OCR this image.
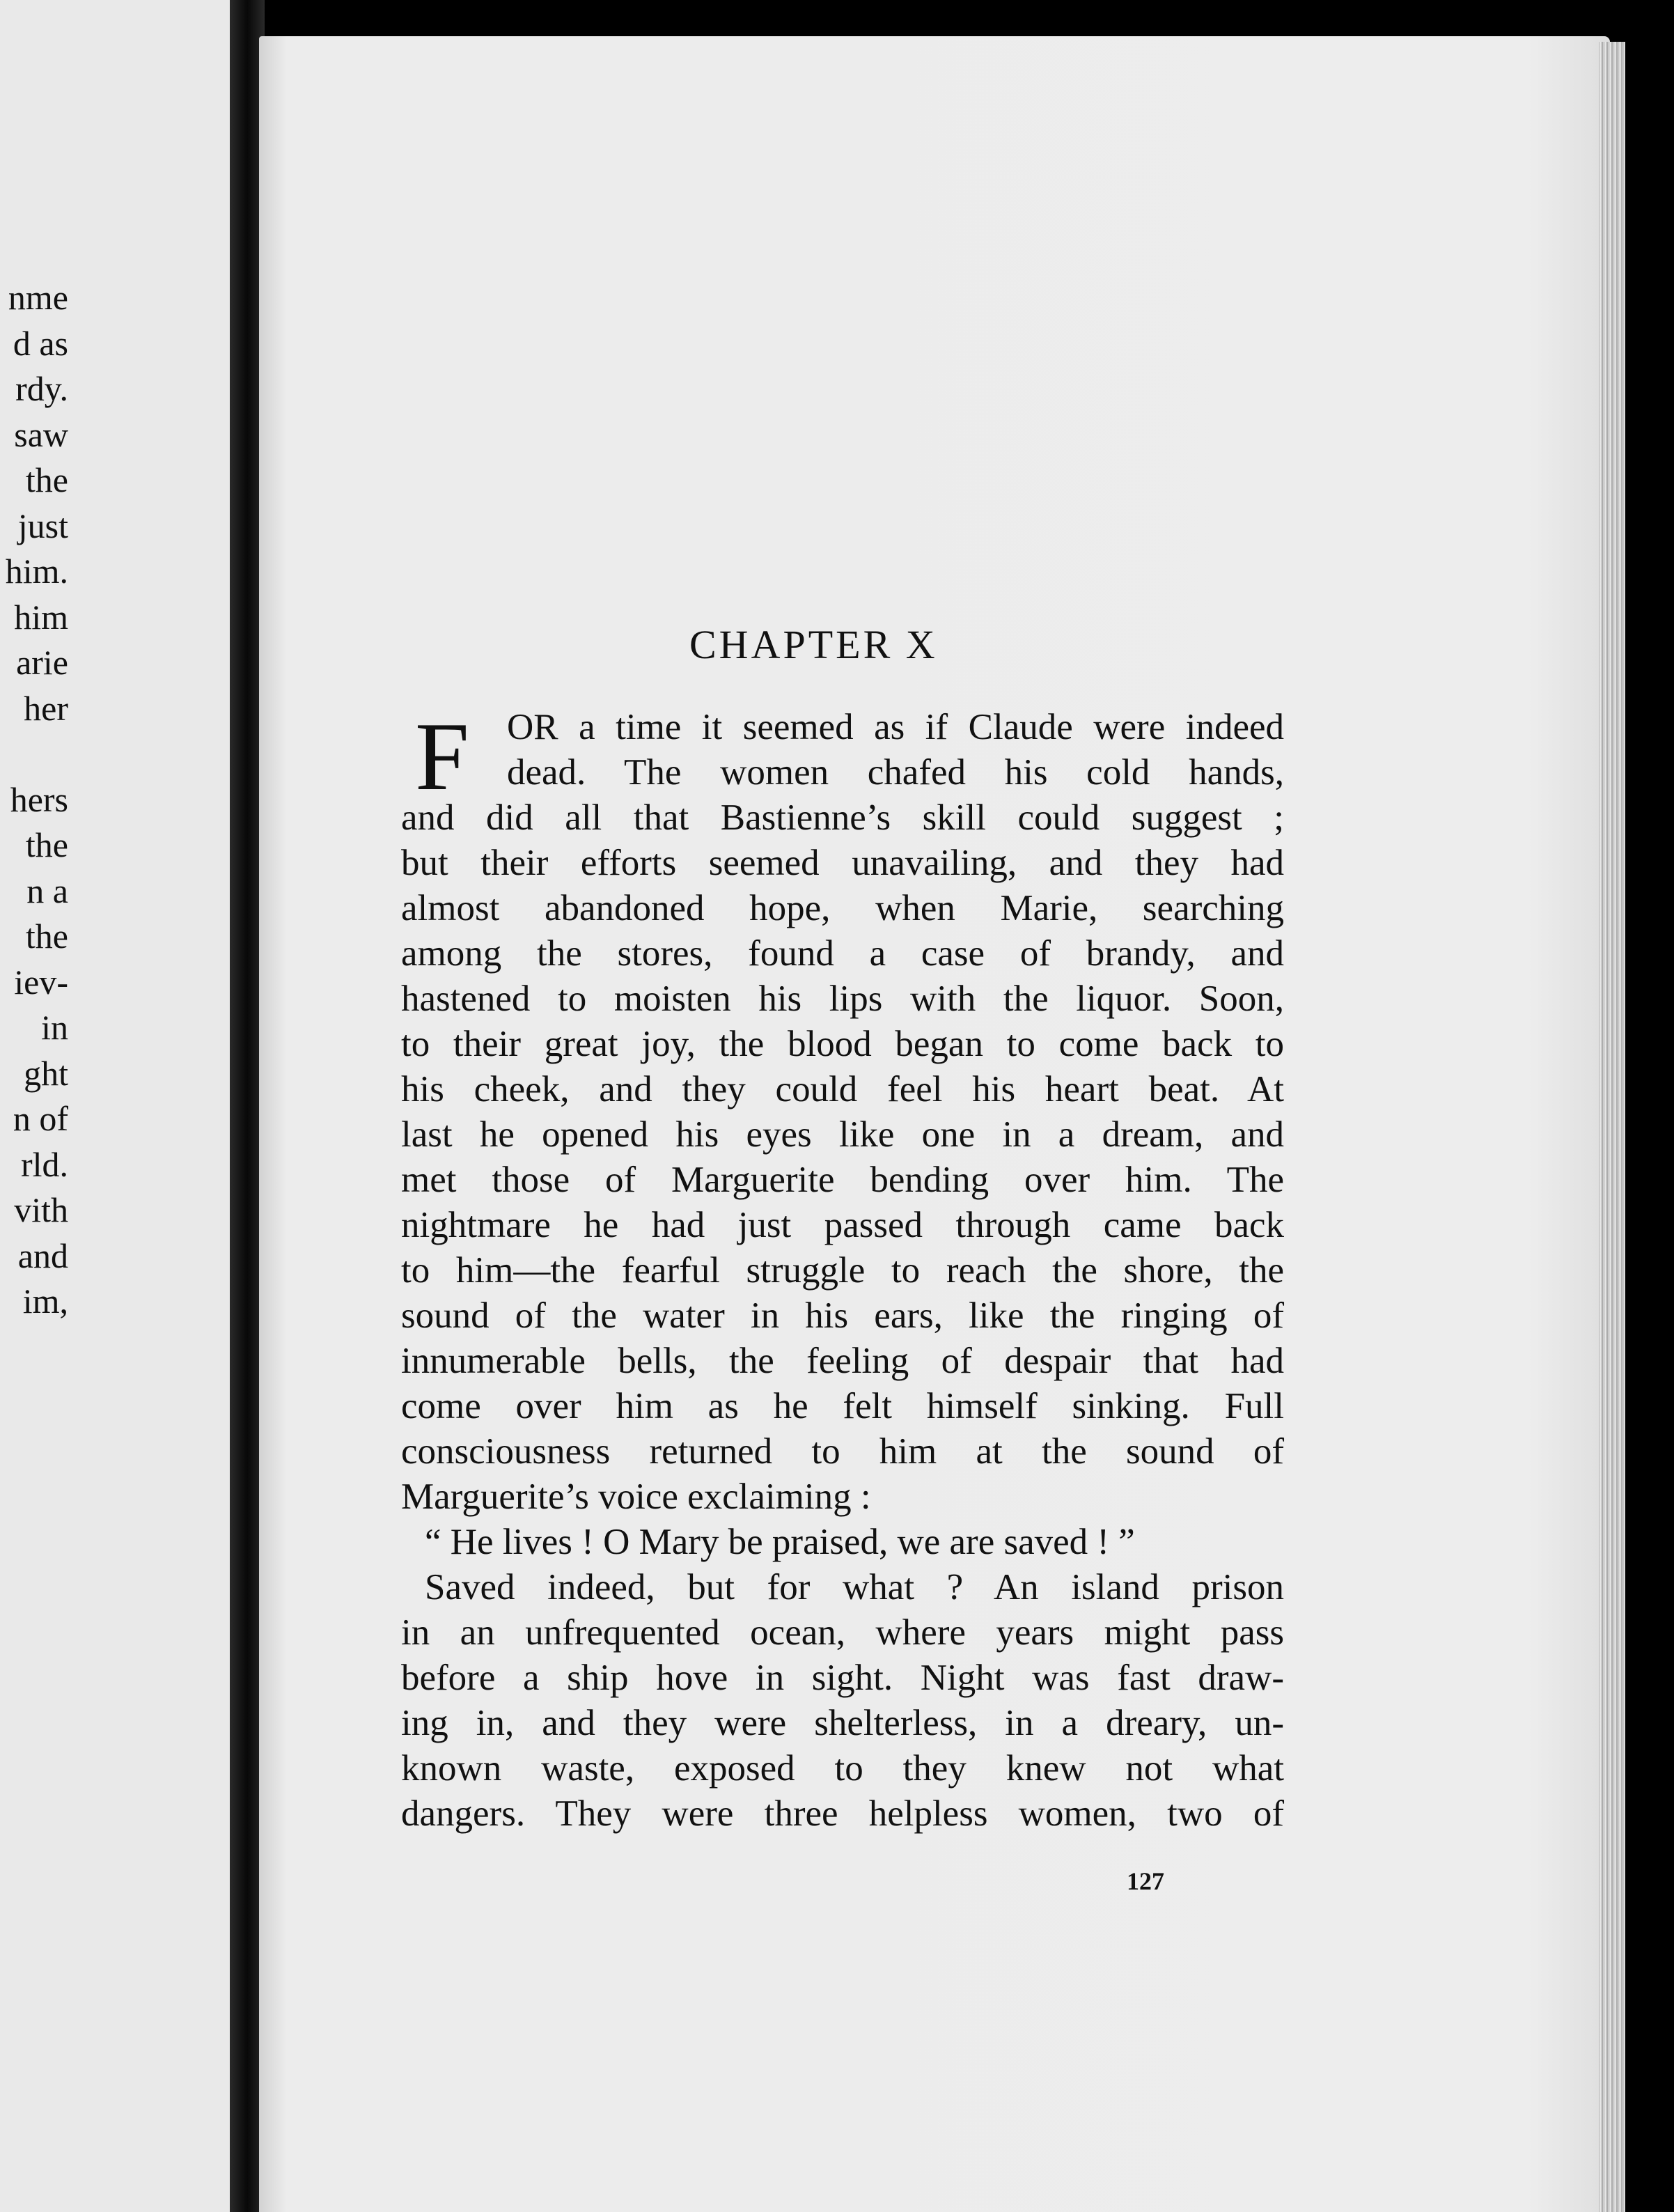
nme
d as
rdy.
saw
the
just
him.
him
arie
her
hers
the
n a
the
iev-
in
ght
n of
rld.
vith
and
im,
CHAPTER X
F	OR a time it seemed as if Claude were indeed
dead. The women chafed his cold hands,
and did all that Bastienne’s skill could suggest ;
but their efforts seemed unavailing, and they had
almost abandoned hope, when Marie, searching
among the stores, found a case of brandy, and
hastened to moisten his lips with the liquor. Soon,
to their great joy, the blood began to come back to
his cheek, and they could feel his heart beat. At
last he opened his eyes like one in a dream, and
met those of Marguerite bending over him. The
nightmare he had just passed through came back
to him—the fearful struggle to reach the shore, the
sound of the water in his ears, like the ringing of
innumerable bells, the feeling of despair that had
come over him as he felt himself sinking. Full
consciousness returned to him at the sound of
Marguerite’s voice exclaiming :
“ He lives ! O Mary be praised, we are saved ! ”
Saved indeed, but for what ? An island prison
in an unfrequented ocean, where years might pass
before a ship hove in sight. Night was fast draw-
ing in, and they were shelterless, in a dreary, un-
known waste, exposed to they knew not what
dangers. They were three helpless women, two of
127
